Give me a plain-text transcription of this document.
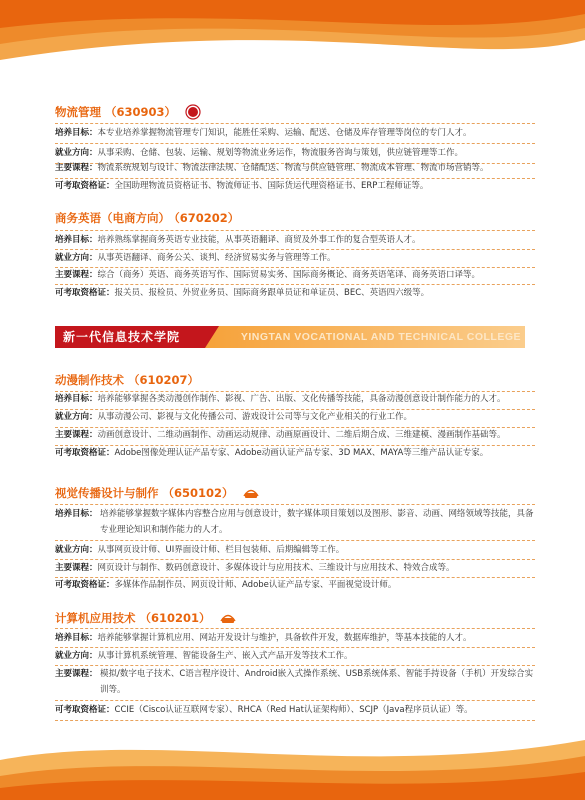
物流管理 （630903）
培养目标：本专业培养掌握物流管理专门知识，能胜任采购、运输、配送、仓储及库存管理等岗位的专门人才。
就业方向：从事采购、仓储、包装、运输、规划等物流业务运作，物流服务咨询与策划，供应链管理等工作。
主要课程：物流系统规划与设计、物流法律法规、仓储配送、物流与供应链管理、物流成本管理、物流市场营销等。
可考取资格证：全国助理物流员资格证书、物流师证书、国际货运代理资格证书、ERP工程师证等。
商务英语（电商方向） （670202）
培养目标：培养熟练掌握商务英语专业技能，从事英语翻译、商贸及外事工作的复合型英语人才。
就业方向：从事英语翻译、商务公关、谈判、经济贸易实务与管理等工作。
主要课程：综合（商务）英语、商务英语写作、国际贸易实务、国际商务概论、商务英语笔译、商务英语口译等。
可考取资格证：报关员、报检员、外贸业务员、国际商务跟单员证和单证员、BEC、英语四六级等。
新一代信息技术学院	YINGTAN VOCATIONAL AND TECHNICAL COLLEGE
动漫制作技术 （610207）
培养目标：培养能够掌握各类动漫创作制作、影视、广告、出版、文化传播等技能，具备动漫创意设计制作能力的人才。
就业方向：从事动漫公司、影视与文化传播公司、游戏设计公司等与文化产业相关的行业工作。
主要课程：动画创意设计、二维动画制作、动画运动规律、动画原画设计、二维后期合成、三维建模、漫画制作基础等。
可考取资格证：Adobe图像处理认证产品专家、Adobe动画认证产品专家、3D MAX、MAYA等三维产品认证专家。
视觉传播设计与制作 （650102）
培养目标： 培养能够掌握数字媒体内容整合应用与创意设计，数字媒体项目策划以及图形、影音、动画、网络领域等技能，具备专业理论知识和制作能力的人才。
就业方向：从事网页设计师、UI界面设计师、栏目包装师、后期编辑等工作。
主要课程：网页设计与制作、数码创意设计、多媒体设计与应用技术、三维设计与应用技术、特效合成等。
可考取资格证：多媒体作品制作员、网页设计师、Adobe认证产品专家、平面视觉设计师。
计算机应用技术 （610201）
培养目标：培养能够掌握计算机应用、网站开发设计与维护，具备软件开发，数据库维护，等基本技能的人才。
就业方向：从事计算机系统管理、智能设备生产、嵌入式产品开发等技术工作。
主要课程： 模拟/数字电子技术、C语言程序设计、Android嵌入式操作系统、USB系统体系、智能手持设备（手机）开发综合实训等。
可考取资格证：CCIE（Cisco认证互联网专家）、RHCA（Red Hat认证架构师）、SCJP（Java程序员认证）等。
